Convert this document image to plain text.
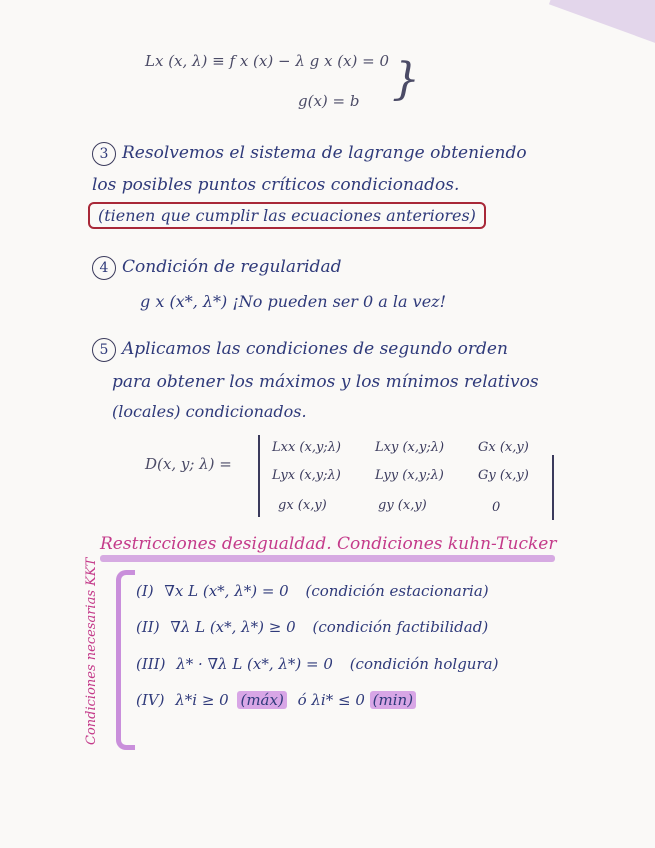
Lx (x, λ) ≡ f x (x) − λ g x (x) = 0
g(x) = b }
3 Resolvemos el sistema de lagrange obteniendo
los posibles puntos críticos condicionados.
(tienen que cumplir las ecuaciones anteriores)
4 Condición de regularidad
g x (x*, λ*) ¡No pueden ser 0 a la vez!
5 Aplicamos las condiciones de segundo orden
para obtener los máximos y los mínimos relativos
(locales) condicionados.
D(x, y; λ) =
Lxx (x,y;λ)	Lxy (x,y;λ)	Gx (x,y)
Lyx (x,y;λ)	Lyy (x,y;λ)	Gy (x,y)
gx (x,y)	gy (x,y)	0
Restricciones desigualdad. Condiciones kuhn-Tucker
Condiciones necesarias KKT (I) ∇x L (x*, λ*) = 0 (condición estacionaria)
(II) ∇λ L (x*, λ*) ≥ 0 (condición factibilidad)
(III) λ* · ∇λ L (x*, λ*) = 0 (condición holgura)
(IV) λ*i ≥ 0 (máx) ó λi* ≤ 0 (min)
